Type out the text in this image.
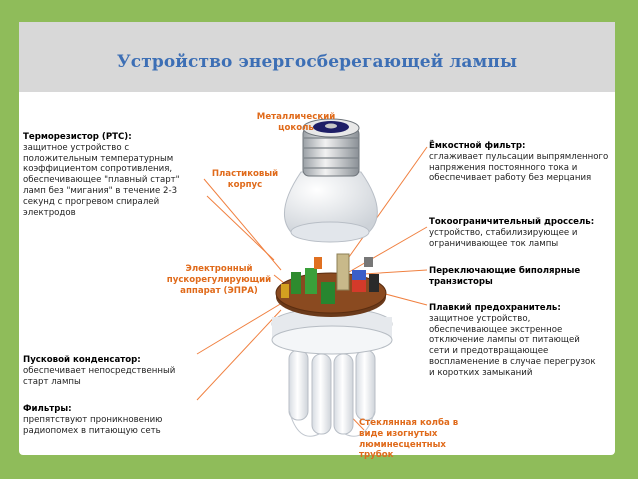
Устройство энергосберегающей лампы
Терморезистор (PTC):
защитное устройство с
положительным температурным
коэффициентом сопротивления,
обеспечивающее "плавный старт"
ламп без "мигания" в течение 2-3
секунд с прогревом спиралей
электродов
Пусковой конденсатор:
обеспечивает непосредственный
старт лампы
Фильтры:
препятствуют проникновению
радиопомех в питающую сеть
Ёмкостной фильтр:
сглаживает пульсации выпрямленного
напряжения постоянного тока и
обеспечивает работу без мерцания
Токоограничительный дроссель:
устройство, стабилизирующее и
ограничивающее ток лампы
Переключающие биполярные
транзисторы
Плавкий предохранитель:
защитное устройство,
обеспечивающее экстренное
отключение лампы от питающей
сети и предотвращающее
воспламенение в случае перегрузок
и коротких замыканий
Металлический
цоколь
Пластиковый
корпус
Электронный
пускорегулирующий
аппарат (ЭПРА)
Стеклянная колба в
виде изогнутых
люминесцентных
трубок
